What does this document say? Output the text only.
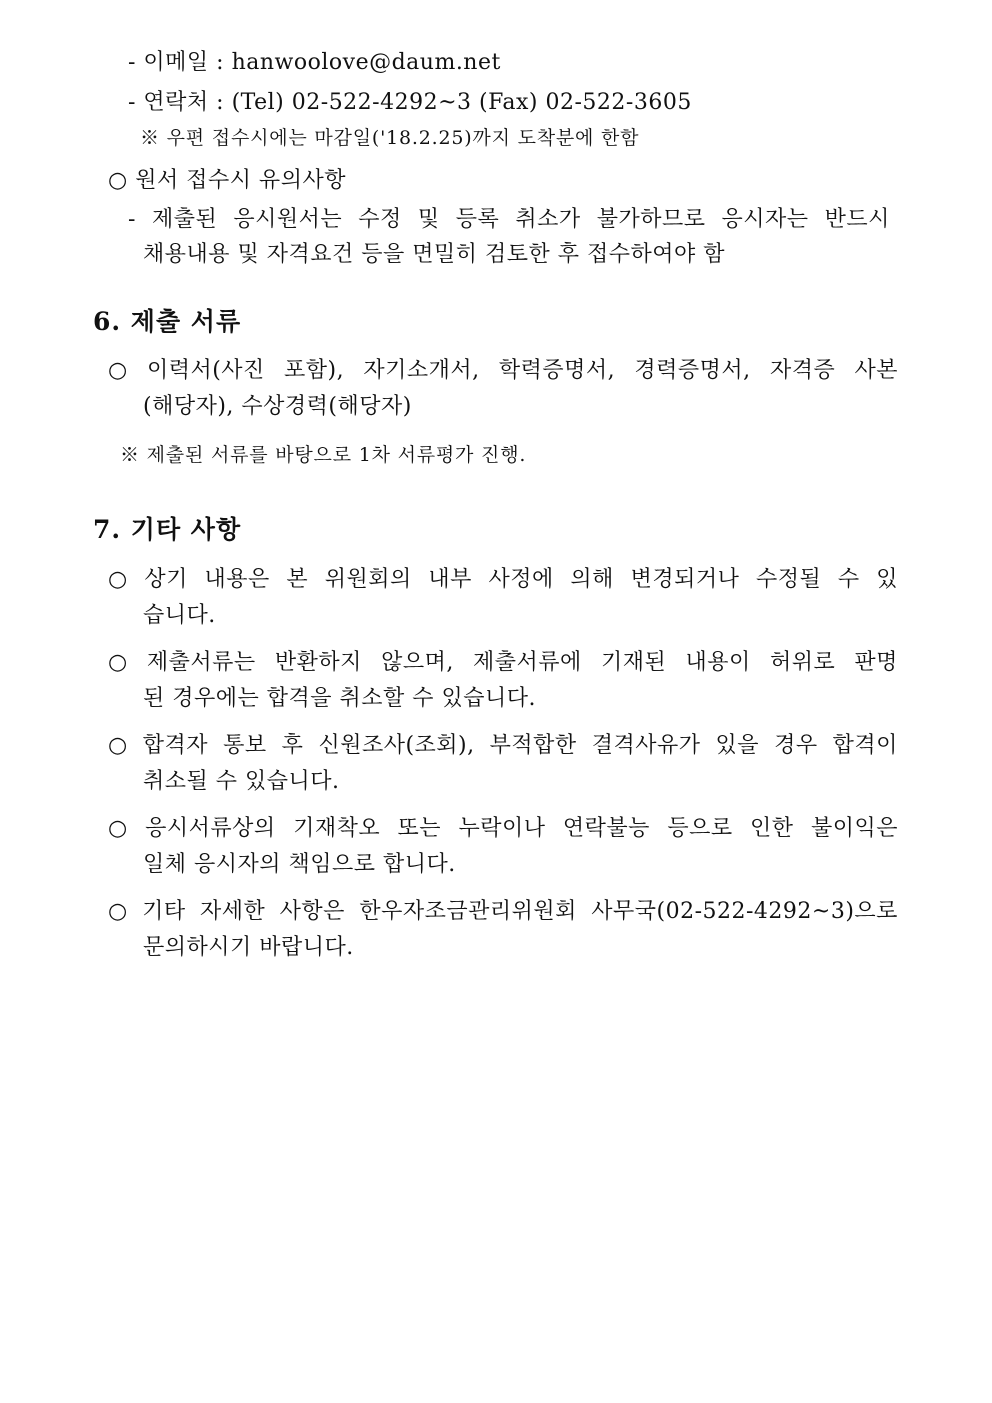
- 이메일 : hanwoolove@daum.net
- 연락처 : (Tel) 02-522-4292~3 (Fax) 02-522-3605
※ 우편 접수시에는 마감일('18.2.25)까지 도착분에 한함
○ 원서 접수시 유의사항
- 제출된 응시원서는 수정 및 등록 취소가 불가하므로 응시자는 반드시
채용내용 및 자격요건 등을 면밀히 검토한 후 접수하여야 함
6. 제출 서류
○ 이력서(사진 포함), 자기소개서, 학력증명서, 경력증명서, 자격증 사본
(해당자), 수상경력(해당자)
※ 제출된 서류를 바탕으로 1차 서류평가 진행.
7. 기타 사항
○ 상기 내용은 본 위원회의 내부 사정에 의해 변경되거나 수정될 수 있
습니다.
○ 제출서류는 반환하지 않으며, 제출서류에 기재된 내용이 허위로 판명
된 경우에는 합격을 취소할 수 있습니다.
○ 합격자 통보 후 신원조사(조회), 부적합한 결격사유가 있을 경우 합격이
취소될 수 있습니다.
○ 응시서류상의 기재착오 또는 누락이나 연락불능 등으로 인한 불이익은
일체 응시자의 책임으로 합니다.
○ 기타 자세한 사항은 한우자조금관리위원회 사무국(02-522-4292~3)으로
문의하시기 바랍니다.
